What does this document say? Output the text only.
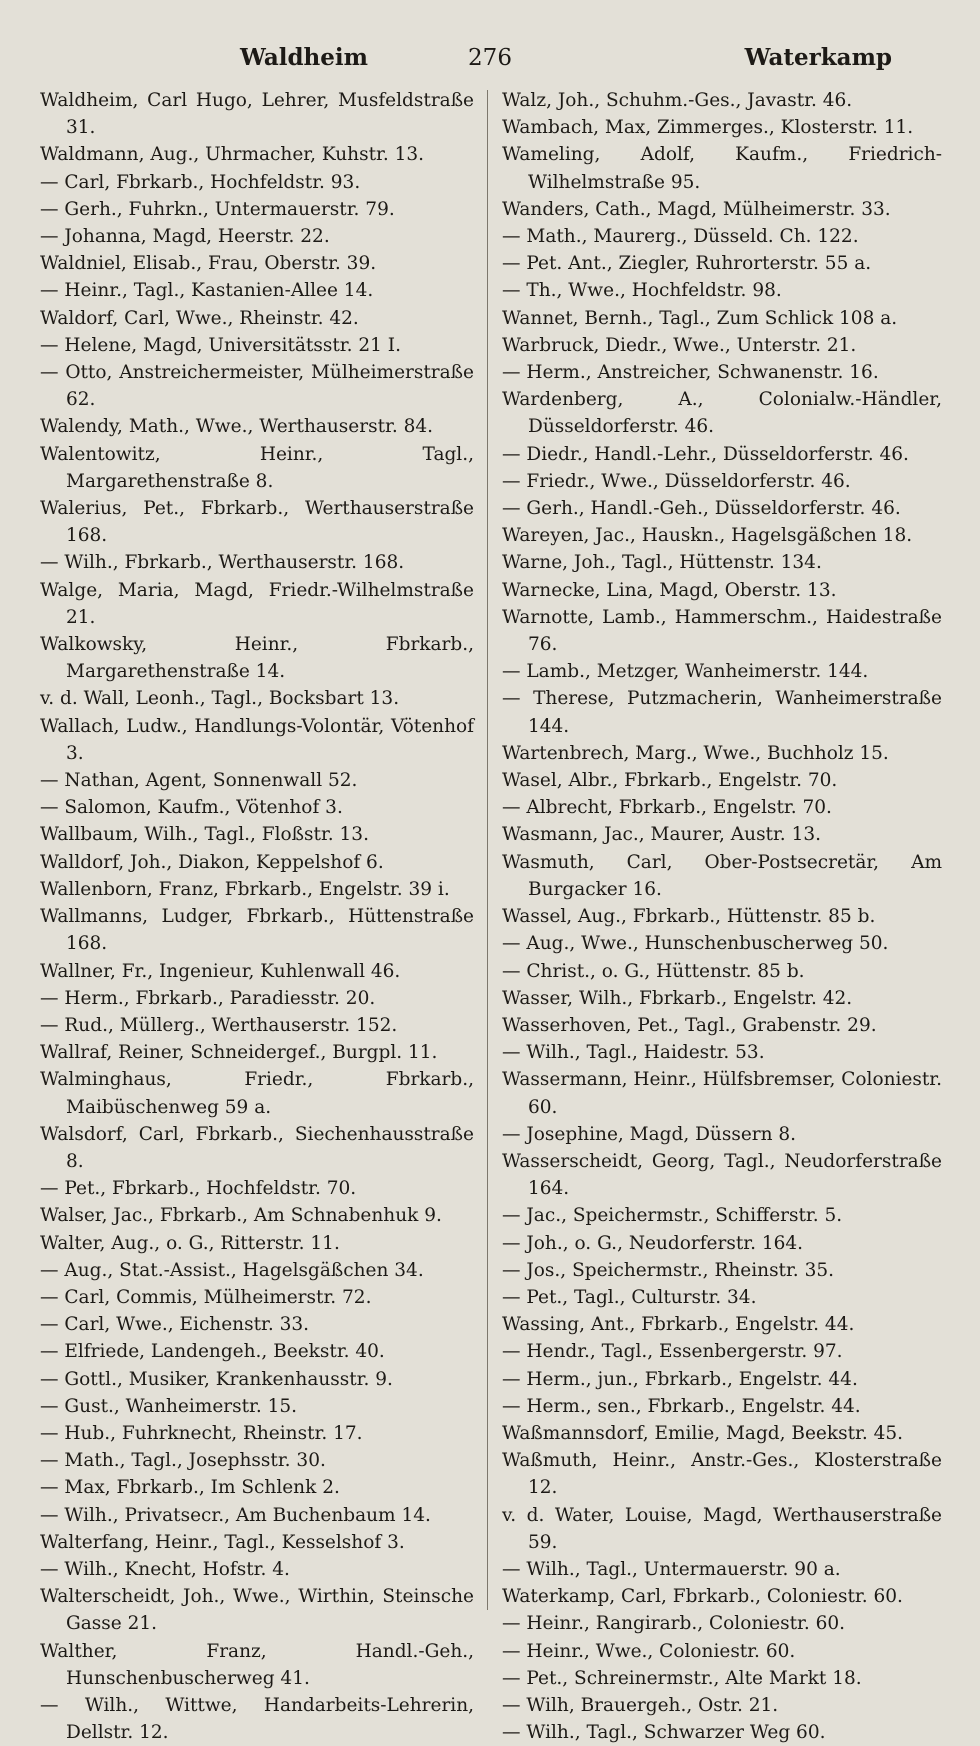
Waldheim	276	Waterkamp
Waldheim, Carl Hugo, Lehrer, Musfeldstraße 31.
Waldmann, Aug., Uhrmacher, Kuhstr. 13.
— Carl, Fbrkarb., Hochfeldstr. 93.
— Gerh., Fuhrkn., Untermauerstr. 79.
— Johanna, Magd, Heerstr. 22.
Waldniel, Elisab., Frau, Oberstr. 39.
— Heinr., Tagl., Kastanien-Allee 14.
Waldorf, Carl, Wwe., Rheinstr. 42.
— Helene, Magd, Universitätsstr. 21 I.
— Otto, Anstreichermeister, Mülheimerstraße 62.
Walendy, Math., Wwe., Werthauserstr. 84.
Walentowitz, Heinr., Tagl., Margarethenstraße 8.
Walerius, Pet., Fbrkarb., Werthauserstraße 168.
— Wilh., Fbrkarb., Werthauserstr. 168.
Walge, Maria, Magd, Friedr.-Wilhelmstraße 21.
Walkowsky, Heinr., Fbrkarb., Margarethenstraße 14.
v. d. Wall, Leonh., Tagl., Bocksbart 13.
Wallach, Ludw., Handlungs-Volontär, Vötenhof 3.
— Nathan, Agent, Sonnenwall 52.
— Salomon, Kaufm., Vötenhof 3.
Wallbaum, Wilh., Tagl., Floßstr. 13.
Walldorf, Joh., Diakon, Keppelshof 6.
Wallenborn, Franz, Fbrkarb., Engelstr. 39 i.
Wallmanns, Ludger, Fbrkarb., Hüttenstraße 168.
Wallner, Fr., Ingenieur, Kuhlenwall 46.
— Herm., Fbrkarb., Paradiesstr. 20.
— Rud., Müllerg., Werthauserstr. 152.
Wallraf, Reiner, Schneidergef., Burgpl. 11.
Walminghaus, Friedr., Fbrkarb., Maibüschenweg 59 a.
Walsdorf, Carl, Fbrkarb., Siechenhausstraße 8.
— Pet., Fbrkarb., Hochfeldstr. 70.
Walser, Jac., Fbrkarb., Am Schnabenhuk 9.
Walter, Aug., o. G., Ritterstr. 11.
— Aug., Stat.-Assist., Hagelsgäßchen 34.
— Carl, Commis, Mülheimerstr. 72.
— Carl, Wwe., Eichenstr. 33.
— Elfriede, Landengeh., Beekstr. 40.
— Gottl., Musiker, Krankenhausstr. 9.
— Gust., Wanheimerstr. 15.
— Hub., Fuhrknecht, Rheinstr. 17.
— Math., Tagl., Josephsstr. 30.
— Max, Fbrkarb., Im Schlenk 2.
— Wilh., Privatsecr., Am Buchenbaum 14.
Walterfang, Heinr., Tagl., Kesselshof 3.
— Wilh., Knecht, Hofstr. 4.
Walterscheidt, Joh., Wwe., Wirthin, Steinsche Gasse 21.
Walther, Franz, Handl.-Geh., Hunschenbuscherweg 41.
— Wilh., Wittwe, Handarbeits-Lehrerin, Dellstr. 12.
Walz, Joh., Schuhm.-Ges., Javastr. 46.
Wambach, Max, Zimmerges., Klosterstr. 11.
Wameling, Adolf, Kaufm., Friedrich-Wilhelmstraße 95.
Wanders, Cath., Magd, Mülheimerstr. 33.
— Math., Maurerg., Düsseld. Ch. 122.
— Pet. Ant., Ziegler, Ruhrorterstr. 55 a.
— Th., Wwe., Hochfeldstr. 98.
Wannet, Bernh., Tagl., Zum Schlick 108 a.
Warbruck, Diedr., Wwe., Unterstr. 21.
— Herm., Anstreicher, Schwanenstr. 16.
Wardenberg, A., Colonialw.-Händler, Düsseldorferstr. 46.
— Diedr., Handl.-Lehr., Düsseldorferstr. 46.
— Friedr., Wwe., Düsseldorferstr. 46.
— Gerh., Handl.-Geh., Düsseldorferstr. 46.
Wareyen, Jac., Hauskn., Hagelsgäßchen 18.
Warne, Joh., Tagl., Hüttenstr. 134.
Warnecke, Lina, Magd, Oberstr. 13.
Warnotte, Lamb., Hammerschm., Haidestraße 76.
— Lamb., Metzger, Wanheimerstr. 144.
— Therese, Putzmacherin, Wanheimerstraße 144.
Wartenbrech, Marg., Wwe., Buchholz 15.
Wasel, Albr., Fbrkarb., Engelstr. 70.
— Albrecht, Fbrkarb., Engelstr. 70.
Wasmann, Jac., Maurer, Austr. 13.
Wasmuth, Carl, Ober-Postsecretär, Am Burgacker 16.
Wassel, Aug., Fbrkarb., Hüttenstr. 85 b.
— Aug., Wwe., Hunschenbuscherweg 50.
— Christ., o. G., Hüttenstr. 85 b.
Wasser, Wilh., Fbrkarb., Engelstr. 42.
Wasserhoven, Pet., Tagl., Grabenstr. 29.
— Wilh., Tagl., Haidestr. 53.
Wassermann, Heinr., Hülfsbremser, Coloniestr. 60.
— Josephine, Magd, Düssern 8.
Wasserscheidt, Georg, Tagl., Neudorferstraße 164.
— Jac., Speichermstr., Schifferstr. 5.
— Joh., o. G., Neudorferstr. 164.
— Jos., Speichermstr., Rheinstr. 35.
— Pet., Tagl., Culturstr. 34.
Wassing, Ant., Fbrkarb., Engelstr. 44.
— Hendr., Tagl., Essenbergerstr. 97.
— Herm., jun., Fbrkarb., Engelstr. 44.
— Herm., sen., Fbrkarb., Engelstr. 44.
Waßmannsdorf, Emilie, Magd, Beekstr. 45.
Waßmuth, Heinr., Anstr.-Ges., Klosterstraße 12.
v. d. Water, Louise, Magd, Werthauserstraße 59.
— Wilh., Tagl., Untermauerstr. 90 a.
Waterkamp, Carl, Fbrkarb., Coloniestr. 60.
— Heinr., Rangirarb., Coloniestr. 60.
— Heinr., Wwe., Coloniestr. 60.
— Pet., Schreinermstr., Alte Markt 18.
— Wilh, Brauergeh., Ostr. 21.
— Wilh., Tagl., Schwarzer Weg 60.
